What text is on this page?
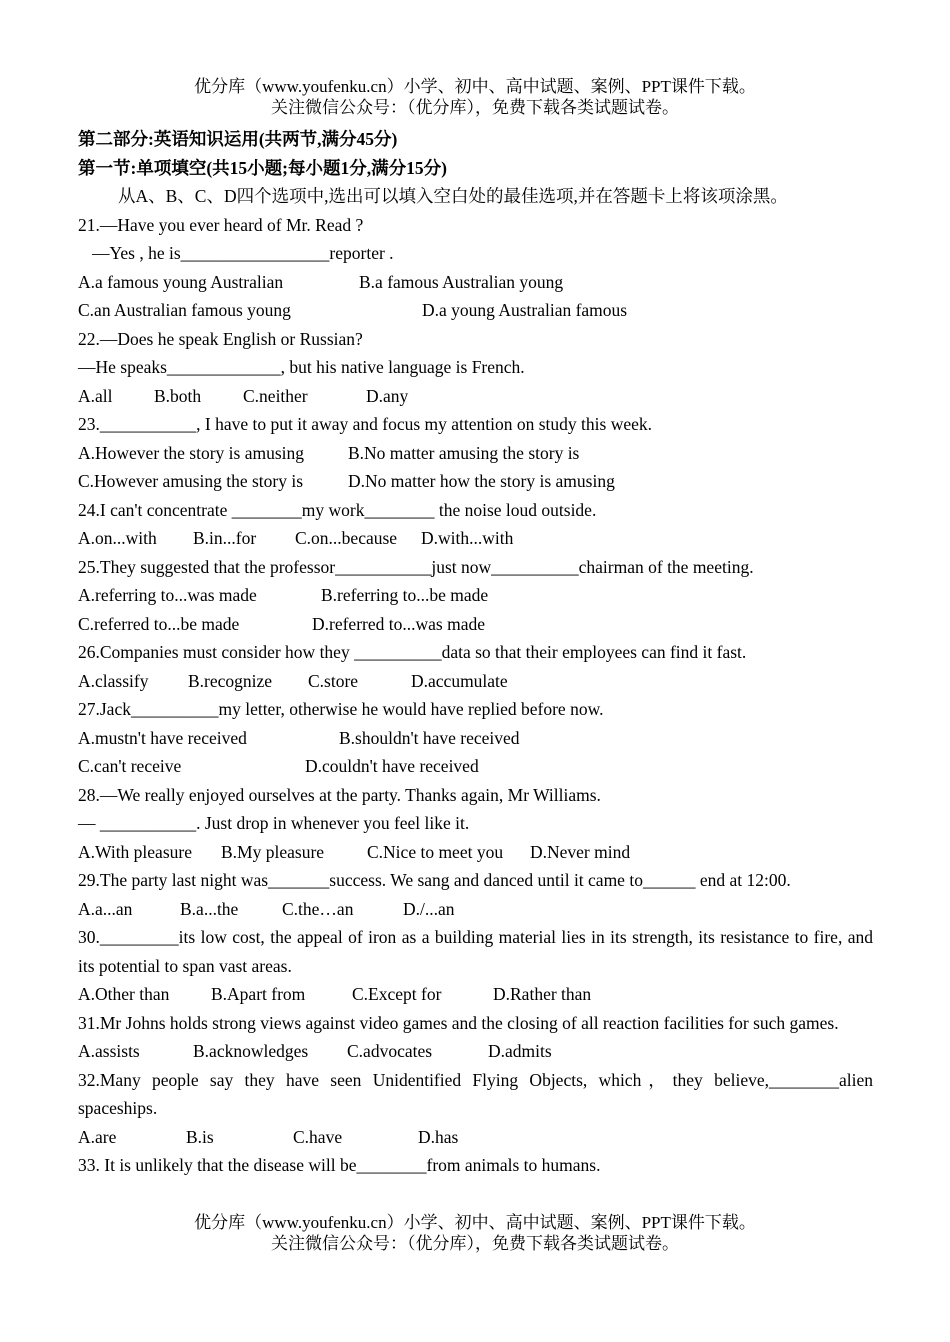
优分库（www.youfenku.cn）小学、初中、高中试题、案例、PPT课件下载。
关注微信公众号：（优分库），免费下载各类试题试卷。
第二部分:英语知识运用(共两节,满分45分)
第一节:单项填空(共15小题;每小题1分,满分15分)
从A、B、C、D四个选项中,选出可以填入空白处的最佳选项,并在答题卡上将该项涂黑。
21.—Have you ever heard of Mr. Read ?
—Yes , he is_________________reporter .
A.a famous young Australian	B.a famous Australian young
C.an Australian famous young	D.a young Australian famous
22.—Does he speak English or Russian?
—He speaks_____________, but his native language is French.
A.all	B.both	C.neither	D.any
23.___________, I have to put it away and focus my attention on study this week.
A.However the story is amusing	B.No matter amusing the story is
C.However amusing the story is	D.No matter how the story is amusing
24.I can't concentrate ________my work________ the noise loud outside.
A.on...with	B.in...for	C.on...because	D.with...with
25.They suggested that the professor___________just now__________chairman of the meeting.
A.referring to...was made	B.referring to...be made
C.referred to...be made	D.referred to...was made
26.Companies must consider how they __________data so that their employees can find it fast.
A.classify	B.recognize	C.store	D.accumulate
27.Jack__________my letter, otherwise he would have replied before now.
A.mustn't have received	B.shouldn't have received
C.can't receive	D.couldn't have received
28.—We really enjoyed ourselves at the party. Thanks again, Mr Williams.
— ___________. Just drop in whenever you feel like it.
A.With pleasure	B.My pleasure	C.Nice to meet you	D.Never mind
29.The party last night was_______success. We sang and danced until it came to______ end at 12:00.
A.a...an	B.a...the	C.the…an	D./...an
30._________its low cost, the appeal of iron as a building material lies in its strength, its resistance to fire, and its potential to span vast areas.
A.Other than	B.Apart from	C.Except for	D.Rather than
31.Mr Johns holds strong views against video games and the closing of all reaction facilities for such games.
A.assists	B.acknowledges	C.advocates	D.admits
32.Many people say they have seen Unidentified Flying Objects, which，they believe,________alien spaceships.
A.are	B.is	C.have	D.has
33. It is unlikely that the disease will be________from animals to humans.
优分库（www.youfenku.cn）小学、初中、高中试题、案例、PPT课件下载。
关注微信公众号：（优分库），免费下载各类试题试卷。
